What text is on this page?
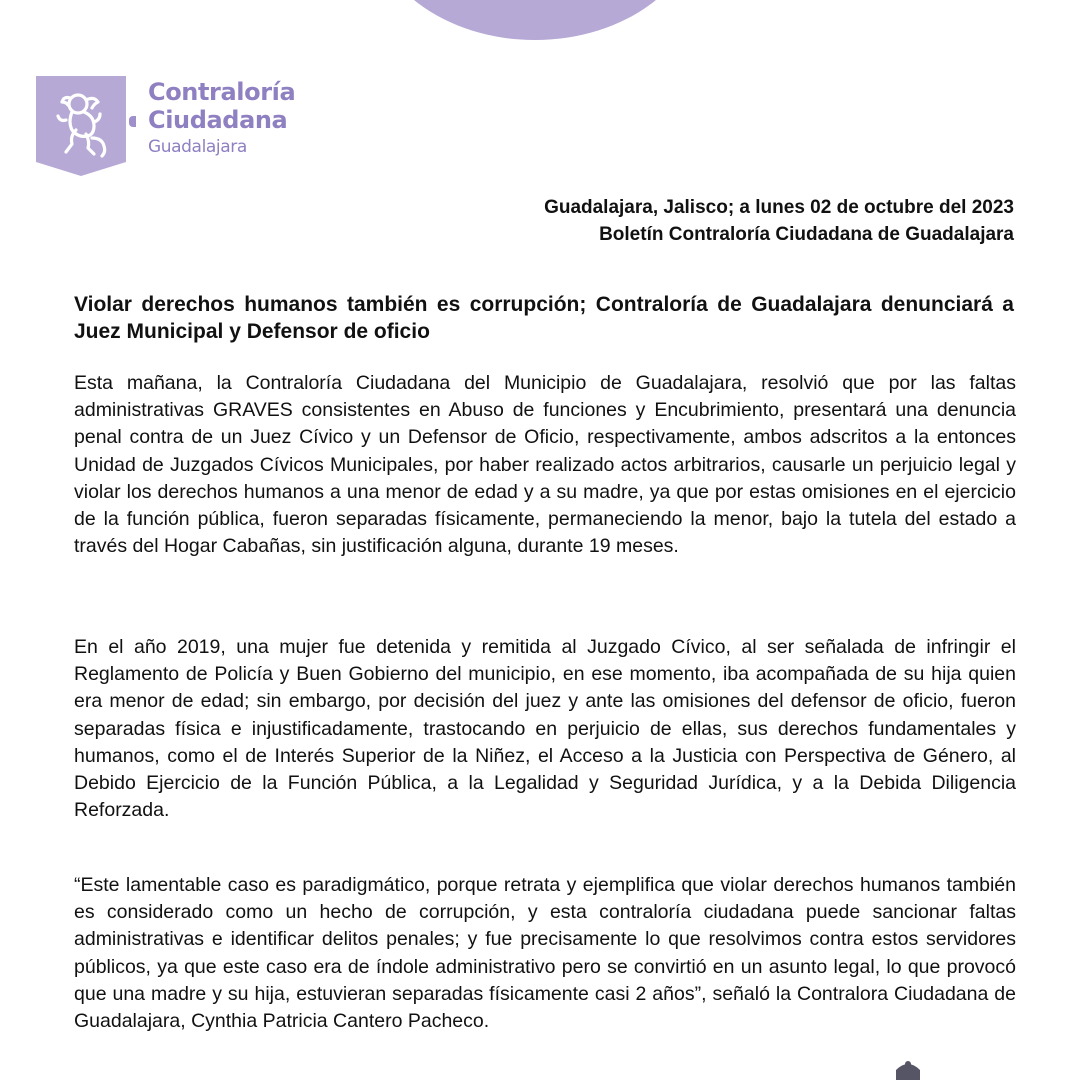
Contraloría
Ciudadana
Guadalajara
Guadalajara, Jalisco; a lunes 02 de octubre del 2023
Boletín Contraloría Ciudadana de Guadalajara
Violar derechos humanos también es corrupción; Contraloría de Guadalajara denunciará a Juez Municipal y Defensor de oficio

Esta mañana, la Contraloría Ciudadana del Municipio de Guadalajara, resolvió que por las faltas administrativas GRAVES consistentes en Abuso de funciones y Encubrimiento, presentará una denuncia penal contra de un Juez Cívico y un Defensor de Oficio, respectivamente, ambos adscritos a la entonces Unidad de Juzgados Cívicos Municipales, por haber realizado actos arbitrarios, causarle un perjuicio legal y violar los derechos humanos a una menor de edad y a su madre, ya que por estas omisiones en el ejercicio de la función pública, fueron separadas físicamente, permaneciendo la menor, bajo la tutela del estado a través del Hogar Cabañas, sin justificación alguna, durante 19 meses.

En el año 2019, una mujer fue detenida y remitida al Juzgado Cívico, al ser señalada de infringir el Reglamento de Policía y Buen Gobierno del municipio, en ese momento, iba acompañada de su hija quien era menor de edad; sin embargo, por decisión del juez y ante las omisiones del defensor de oficio, fueron separadas física e injustificadamente, trastocando en perjuicio de ellas, sus derechos fundamentales y humanos, como el de Interés Superior de la Niñez, el Acceso a la Justicia con Perspectiva de Género, al Debido Ejercicio de la Función Pública, a la Legalidad y Seguridad Jurídica, y a la Debida Diligencia Reforzada.

“Este lamentable caso es paradigmático, porque retrata y ejemplifica que violar derechos humanos también es considerado como un hecho de corrupción, y esta contraloría ciudadana puede sancionar faltas administrativas e identificar delitos penales; y fue precisamente lo que resolvimos contra estos servidores públicos, ya que este caso era de índole administrativo pero se convirtió en un asunto legal, lo que provocó que una madre y su hija, estuvieran separadas físicamente casi 2 años”, señaló la Contralora Ciudadana de Guadalajara, Cynthia Patricia Cantero Pacheco.
